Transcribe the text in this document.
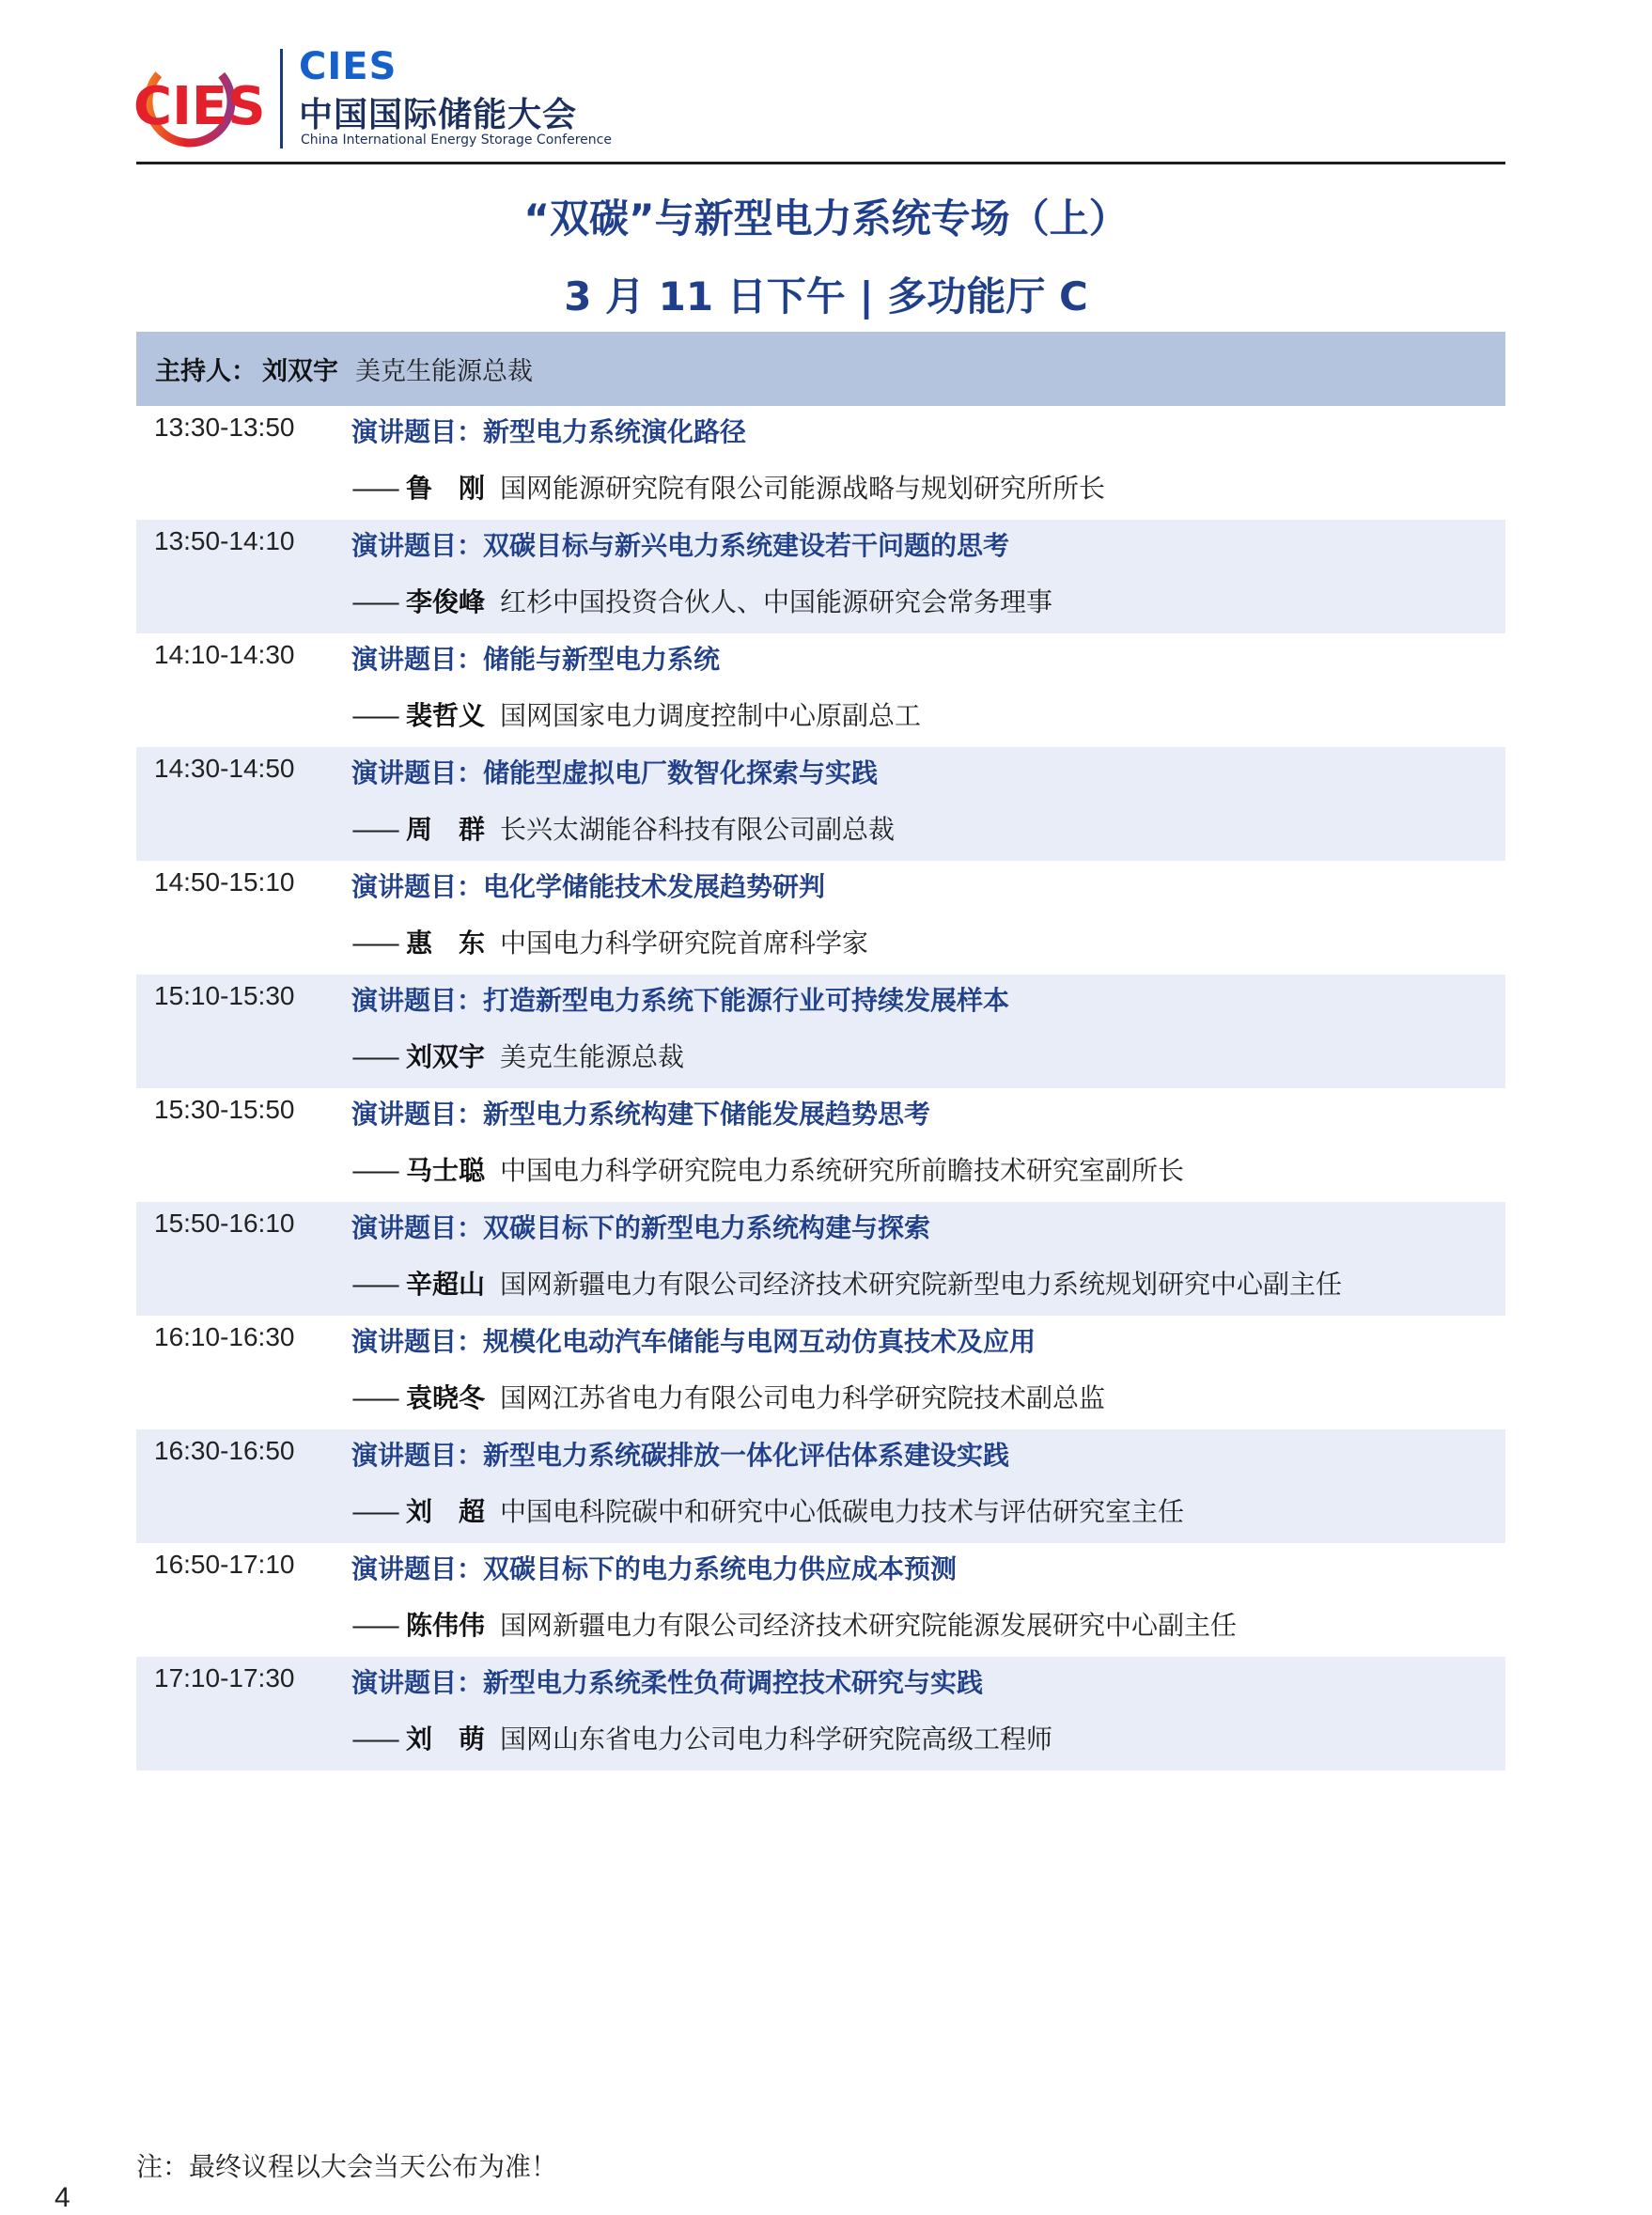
CIES
CIES
中国国际储能大会
China International Energy Storage Conference
“双碳”与新型电力系统专场（上）
3 月 11 日下午 | 多功能厅 C
主持人： 刘双宇 美克生能源总裁
13:30-13:50 演讲题目：新型电力系统演化路径
—— 鲁　刚 国网能源研究院有限公司能源战略与规划研究所所长
13:50-14:10 演讲题目：双碳目标与新兴电力系统建设若干问题的思考
—— 李俊峰 红杉中国投资合伙人、中国能源研究会常务理事
14:10-14:30 演讲题目：储能与新型电力系统
—— 裴哲义 国网国家电力调度控制中心原副总工
14:30-14:50 演讲题目：储能型虚拟电厂数智化探索与实践
—— 周　群 长兴太湖能谷科技有限公司副总裁
14:50-15:10 演讲题目：电化学储能技术发展趋势研判
—— 惠　东 中国电力科学研究院首席科学家
15:10-15:30 演讲题目：打造新型电力系统下能源行业可持续发展样本
—— 刘双宇 美克生能源总裁
15:30-15:50 演讲题目：新型电力系统构建下储能发展趋势思考
—— 马士聪 中国电力科学研究院电力系统研究所前瞻技术研究室副所长
15:50-16:10 演讲题目：双碳目标下的新型电力系统构建与探索
—— 辛超山 国网新疆电力有限公司经济技术研究院新型电力系统规划研究中心副主任
16:10-16:30 演讲题目：规模化电动汽车储能与电网互动仿真技术及应用
—— 袁晓冬 国网江苏省电力有限公司电力科学研究院技术副总监
16:30-16:50 演讲题目：新型电力系统碳排放一体化评估体系建设实践
—— 刘　超 中国电科院碳中和研究中心低碳电力技术与评估研究室主任
16:50-17:10 演讲题目：双碳目标下的电力系统电力供应成本预测
—— 陈伟伟 国网新疆电力有限公司经济技术研究院能源发展研究中心副主任
17:10-17:30 演讲题目：新型电力系统柔性负荷调控技术研究与实践
—— 刘　萌 国网山东省电力公司电力科学研究院高级工程师
注：最终议程以大会当天公布为准！
4
